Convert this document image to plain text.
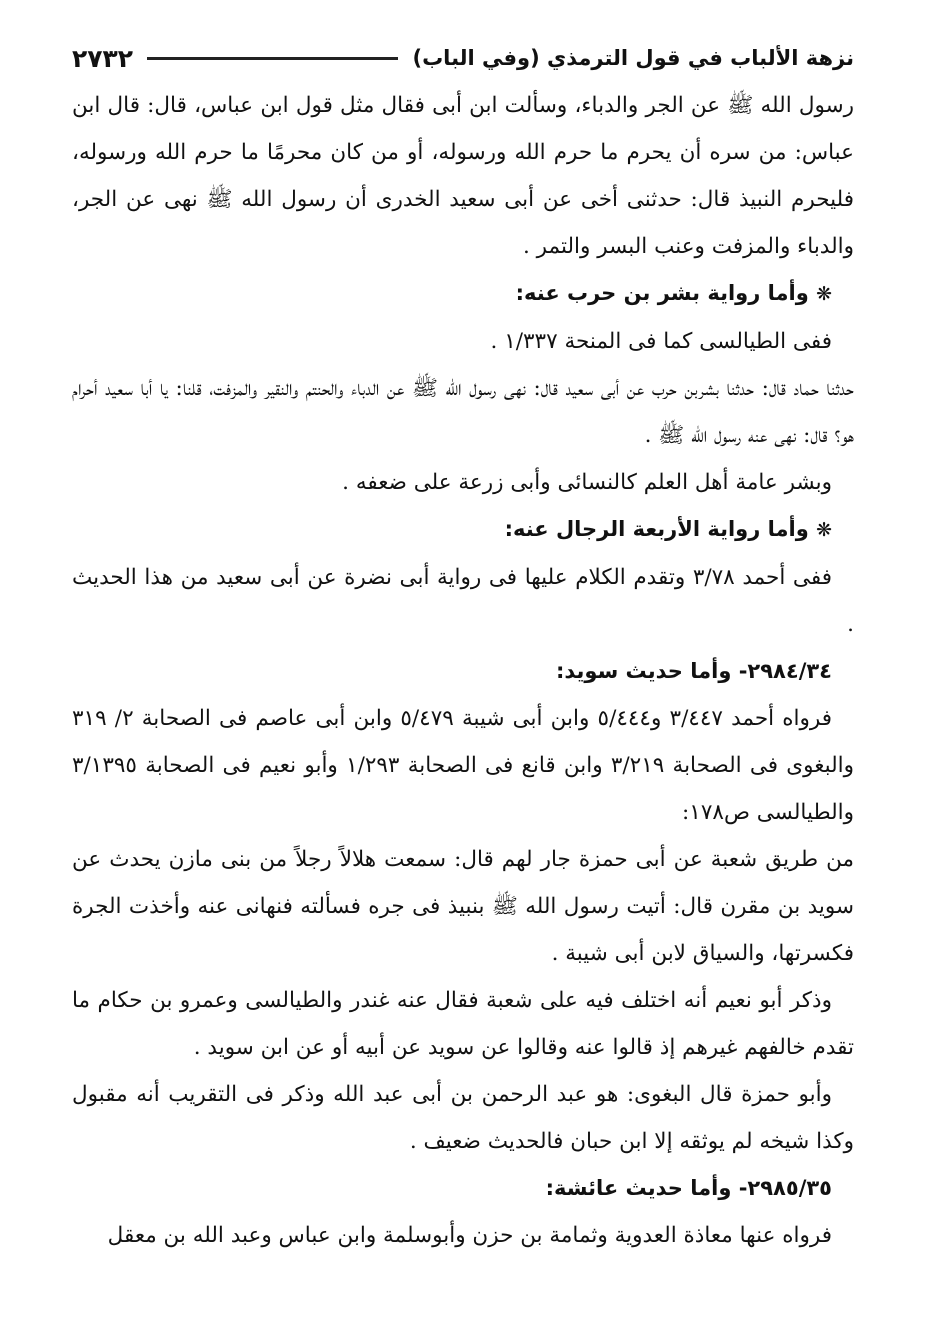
٢٧٣٢	نزهة الألباب في قول الترمذي (وفي الباب)

رسول الله ﷺ عن الجر والدباء، وسألت ابن أبى فقال مثل قول ابن عباس، قال: قال ابن عباس: من سره أن يحرم ما حرم الله ورسوله، أو من كان محرمًا ما حرم الله ورسوله، فليحرم النبيذ قال: حدثنى أخى عن أبى سعيد الخدرى أن رسول الله ﷺ نهى عن الجر، والدباء والمزفت وعنب البسر والتمر .

❋ وأما رواية بشر بن حرب عنه:

ففى الطيالسى كما فى المنحة ١/٣٣٧ .

حدثنا حماد قال: حدثنا بشربن حرب عن أبى سعيد قال: نهى رسول الله ﷺ عن الدباء والحنتم والنقير والمزفت، قلنا: يا أبا سعيد أحرام هو؟ قال: نهى عنه رسول الله ﷺ .

وبشر عامة أهل العلم كالنسائى وأبى زرعة على ضعفه .

❋ وأما رواية الأربعة الرجال عنه:

ففى أحمد ٣/٧٨ وتقدم الكلام عليها فى رواية أبى نضرة عن أبى سعيد من هذا الحديث .

٢٩٨٤/٣٤- وأما حديث سويد:

فرواه أحمد ٣/٤٤٧ و٥/٤٤٤ وابن أبى شيبة ٥/٤٧٩ وابن أبى عاصم فى الصحابة ٢/ ٣١٩ والبغوى فى الصحابة ٣/٢١٩ وابن قانع فى الصحابة ١/٢٩٣ وأبو نعيم فى الصحابة ٣/١٣٩٥ والطيالسى ص١٧٨:

من طريق شعبة عن أبى حمزة جار لهم قال: سمعت هلالاً رجلاً من بنى مازن يحدث عن سويد بن مقرن قال: أتيت رسول الله ﷺ بنبيذ فى جره فسألته فنهانى عنه وأخذت الجرة فكسرتها، والسياق لابن أبى شيبة .

وذكر أبو نعيم أنه اختلف فيه على شعبة فقال عنه غندر والطيالسى وعمرو بن حكام ما تقدم خالفهم غيرهم إذ قالوا عنه وقالوا عن سويد عن أبيه أو عن ابن سويد .

وأبو حمزة قال البغوى: هو عبد الرحمن بن أبى عبد الله وذكر فى التقريب أنه مقبول وكذا شيخه لم يوثقه إلا ابن حبان فالحديث ضعيف .

٢٩٨٥/٣٥- وأما حديث عائشة:

فرواه عنها معاذة العدوية وثمامة بن حزن وأبوسلمة وابن عباس وعبد الله بن معقل
